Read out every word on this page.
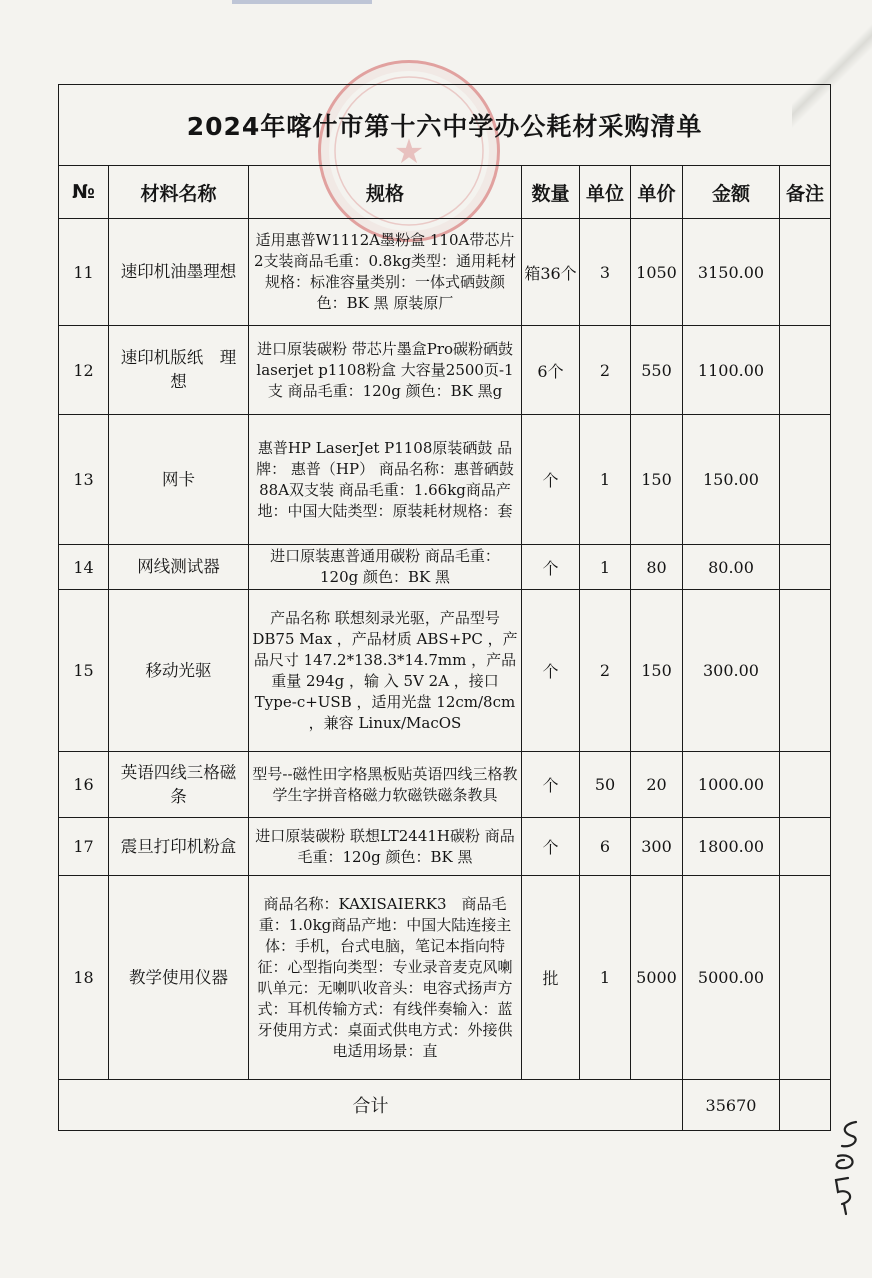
★
2024年喀什市第十六中学办公耗材采购清单							
№	材料名称	规格	数量	单位	单价	金额	备注
11	速印机油墨理想	适用惠普W1112A墨粉盒 110A带芯片2支装商品毛重：0.8kg类型：通用耗材规格：标准容量类别：一体式硒鼓颜色：BK 黑 原装原厂	箱36个	3	1050	3150.00	
12	速印机版纸　理想	进口原装碳粉 带芯片墨盒Pro碳粉硒鼓laserjet p1108粉盒 大容量2500页-1支 商品毛重：120g 颜色：BK 黑g	6个	2	550	1100.00	
13	网卡	惠普HP LaserJet P1108原装硒鼓 品牌： 惠普（HP） 商品名称：惠普硒鼓 88A双支装 商品毛重：1.66kg商品产地：中国大陆类型：原装耗材规格：套	个	1	150	150.00	
14	网线测试器	进口原装惠普通用碳粉 商品毛重：120g 颜色：BK 黑	个	1	80	80.00	
15	移动光驱	产品名称 联想刻录光驱，产品型号 DB75 Max ，产品材质 ABS+PC ，产品尺寸 147.2*138.3*14.7mm ，产品重量 294g ，输 入 5V 2A ，接口 Type-c+USB ，适用光盘 12cm/8cm ，兼容 Linux/MacOS	个	2	150	300.00	
16	英语四线三格磁条	型号--磁性田字格黑板贴英语四线三格教学生字拼音格磁力软磁铁磁条教具	个	50	20	1000.00	
17	震旦打印机粉盒	进口原装碳粉 联想LT2441H碳粉 商品毛重：120g 颜色：BK 黑	个	6	300	1800.00	
18	教学使用仪器	商品名称：KAXISAIERK3　商品毛重：1.0kg商品产地：中国大陆连接主体：手机，台式电脑，笔记本指向特征：心型指向类型：专业录音麦克风喇叭单元：无喇叭收音头：电容式扬声方式：耳机传输方式：有线伴奏输入：蓝牙使用方式：桌面式供电方式：外接供电适用场景：直	批	1	5000	5000.00	
合计						35670	
